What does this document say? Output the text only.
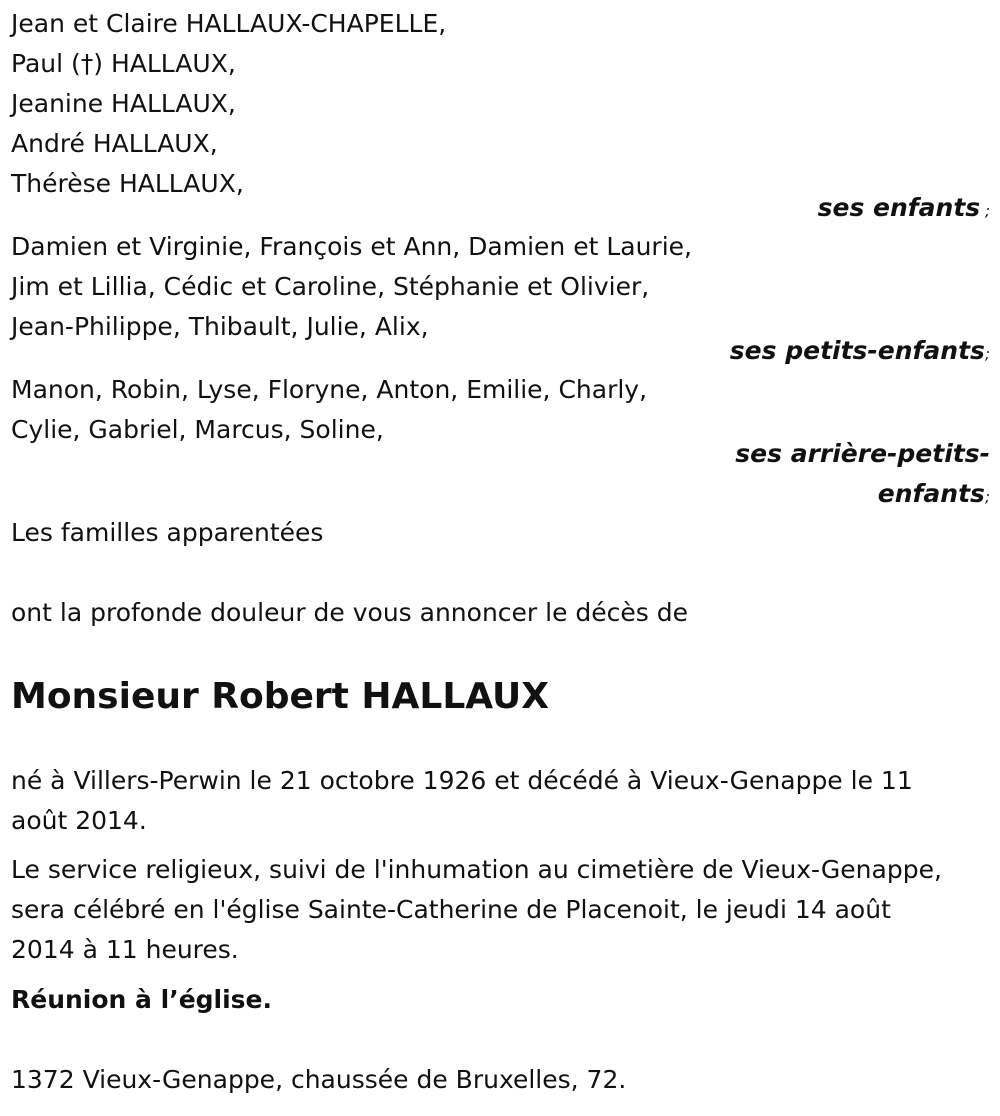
Jean et Claire HALLAUX-CHAPELLE,
Paul (†) HALLAUX,
Jeanine HALLAUX,
André HALLAUX,
Thérèse HALLAUX,
ses enfants ;
Damien et Virginie, François et Ann, Damien et Laurie,
Jim et Lillia, Cédic et Caroline, Stéphanie et Olivier,
Jean-Philippe, Thibault, Julie, Alix,
ses petits-enfants;
Manon, Robin, Lyse, Floryne, Anton, Emilie, Charly,
Cylie, Gabriel, Marcus, Soline,
ses arrière-petits-
enfants;
Les familles apparentées
ont la profonde douleur de vous annoncer le décès de
Monsieur Robert HALLAUX
né à Villers-Perwin le 21 octobre 1926 et décédé à Vieux-Genappe le 11
août 2014.
Le service religieux, suivi de l'inhumation au cimetière de Vieux-Genappe,
sera célébré en l'église Sainte-Catherine de Placenoit, le jeudi 14 août
2014 à 11 heures.
Réunion à l’église.
1372 Vieux-Genappe, chaussée de Bruxelles, 72.
